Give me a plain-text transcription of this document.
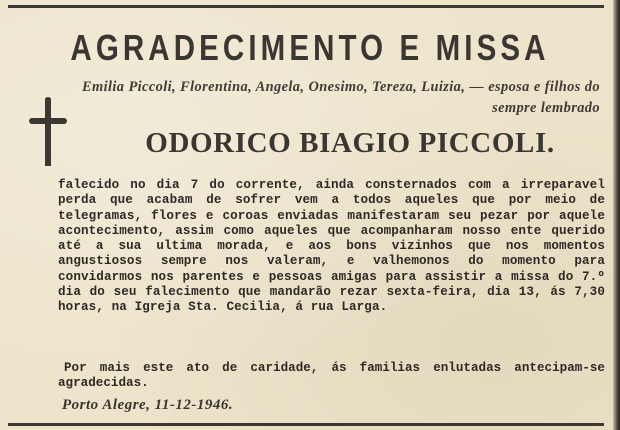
AGRADECIMENTO E MISSA
Emilia Piccoli, Florentina, Angela, Onesimo, Tereza, Luizia, — esposa e filhos do sempre lembrado
ODORICO BIAGIO PICCOLI.

falecido no dia 7 do corrente, ainda consternados com a irreparavel perda que acabam de sofrer vem a todos aqueles que por meio de telegramas, flores e coroas enviadas manifestaram seu pezar por aquele acontecimento, assim como aqueles que acompanharam nosso ente querido até a sua ultima morada, e aos bons vizinhos que nos momentos angustiosos sempre nos valeram, e valhemonos do momento para convidarmos nos parentes e pessoas amigas para assistir a missa do 7.º dia do seu falecimento que mandarão rezar sexta-feira, dia 13, ás 7,30 horas, na Igreja Sta. Cecilia, á rua Larga.

Por mais este ato de caridade, ás familias enlutadas antecipam-se agradecidas.
Porto Alegre, 11-12-1946.
